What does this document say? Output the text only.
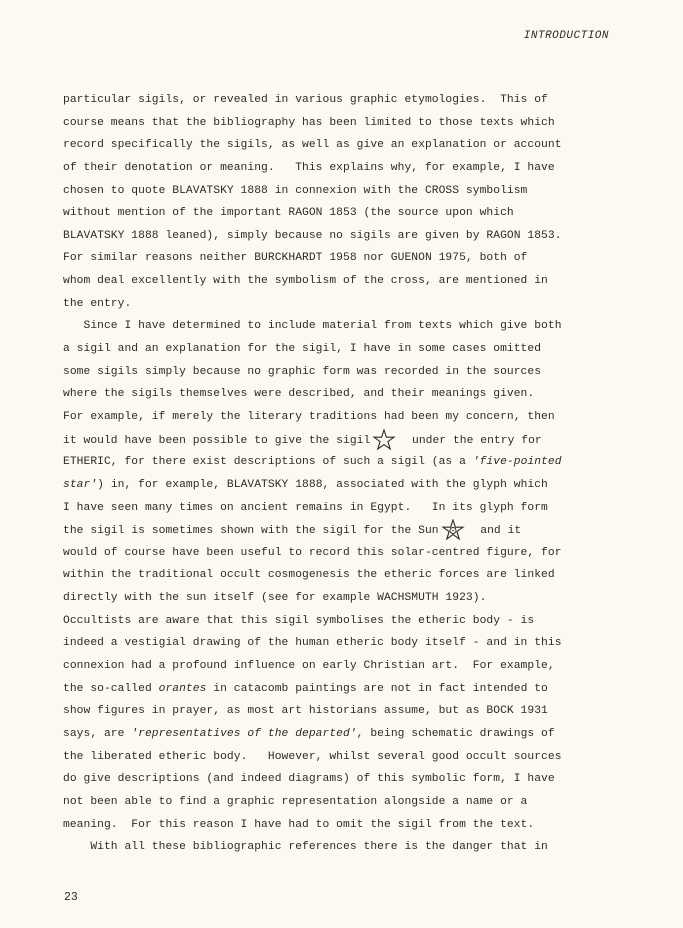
INTRODUCTION
particular sigils, or revealed in various graphic etymologies.  This of
course means that the bibliography has been limited to those texts which
record specifically the sigils, as well as give an explanation or account
of their denotation or meaning.   This explains why, for example, I have
chosen to quote BLAVATSKY 1888 in connexion with the CROSS symbolism
without mention of the important RAGON 1853 (the source upon which
BLAVATSKY 1888 leaned), simply because no sigils are given by RAGON 1853.
For similar reasons neither BURCKHARDT 1958 nor GUENON 1975, both of
whom deal excellently with the symbolism of the cross, are mentioned in
the entry.
Since I have determined to include material from texts which give both
a sigil and an explanation for the sigil, I have in some cases omitted
some sigils simply because no graphic form was recorded in the sources
where the sigils themselves were described, and their meanings given.
For example, if merely the literary traditions had been my concern, then
it would have been possible to give the sigil
under the entry for
ETHERIC, for there exist descriptions of such a sigil (as a 'five-pointed
star') in, for example, BLAVATSKY 1888, associated with the glyph which
I have seen many times on ancient remains in Egypt.   In its glyph form
the sigil is sometimes shown with the sigil for the Sun
and it
would of course have been useful to record this solar-centred figure, for
within the traditional occult cosmogenesis the etheric forces are linked
directly with the sun itself (see for example WACHSMUTH 1923).
Occultists are aware that this sigil symbolises the etheric body - is
indeed a vestigial drawing of the human etheric body itself - and in this
connexion had a profound influence on early Christian art.  For example,
the so-called orantes in catacomb paintings are not in fact intended to
show figures in prayer, as most art historians assume, but as BOCK 1931
says, are 'representatives of the departed', being schematic drawings of
the liberated etheric body.   However, whilst several good occult sources
do give descriptions (and indeed diagrams) of this symbolic form, I have
not been able to find a graphic representation alongside a name or a
meaning.  For this reason I have had to omit the sigil from the text.
With all these bibliographic references there is the danger that in
23
